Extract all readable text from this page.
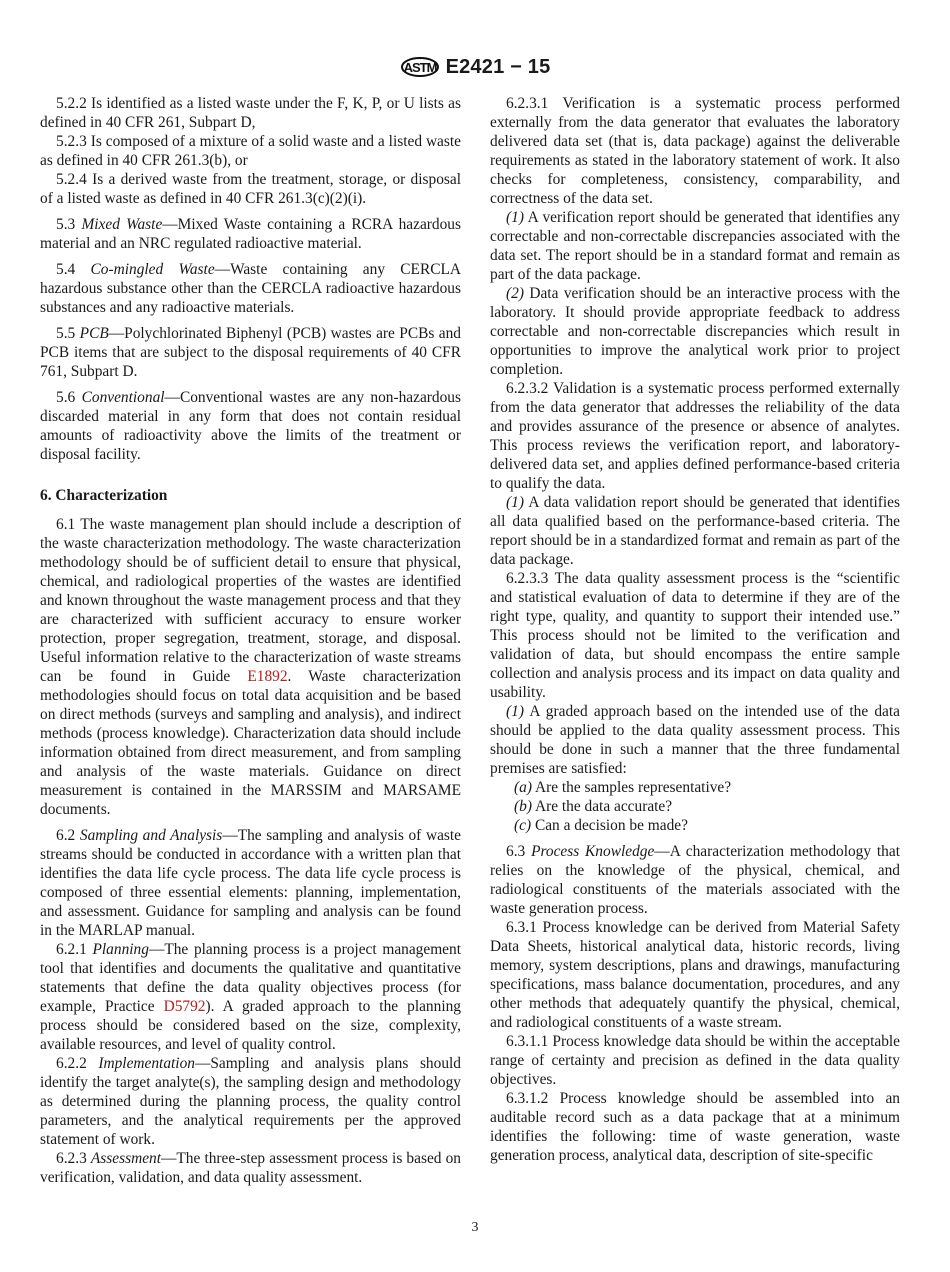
ASTM E2421 − 15

5.2.2 Is identified as a listed waste under the F, K, P, or U lists as defined in 40 CFR 261, Subpart D,

5.2.3 Is composed of a mixture of a solid waste and a listed waste as defined in 40 CFR 261.3(b), or

5.2.4 Is a derived waste from the treatment, storage, or disposal of a listed waste as defined in 40 CFR 261.3(c)(2)(i).

5.3 Mixed Waste—Mixed Waste containing a RCRA hazardous material and an NRC regulated radioactive material.

5.4 Co-mingled Waste—Waste containing any CERCLA hazardous substance other than the CERCLA radioactive hazardous substances and any radioactive materials.

5.5 PCB—Polychlorinated Biphenyl (PCB) wastes are PCBs and PCB items that are subject to the disposal requirements of 40 CFR 761, Subpart D.

5.6 Conventional—Conventional wastes are any non-hazardous discarded material in any form that does not contain residual amounts of radioactivity above the limits of the treatment or disposal facility.

6. Characterization

6.1 The waste management plan should include a description of the waste characterization methodology. The waste characterization methodology should be of sufficient detail to ensure that physical, chemical, and radiological properties of the wastes are identified and known throughout the waste management process and that they are characterized with sufficient accuracy to ensure worker protection, proper segregation, treatment, storage, and disposal. Useful information relative to the characterization of waste streams can be found in Guide E1892. Waste characterization methodologies should focus on total data acquisition and be based on direct methods (surveys and sampling and analysis), and indirect methods (process knowledge). Characterization data should include information obtained from direct measurement, and from sampling and analysis of the waste materials. Guidance on direct measurement is contained in the MARSSIM and MARSAME documents.

6.2 Sampling and Analysis—The sampling and analysis of waste streams should be conducted in accordance with a written plan that identifies the data life cycle process. The data life cycle process is composed of three essential elements: planning, implementation, and assessment. Guidance for sampling and analysis can be found in the MARLAP manual.

6.2.1 Planning—The planning process is a project management tool that identifies and documents the qualitative and quantitative statements that define the data quality objectives process (for example, Practice D5792). A graded approach to the planning process should be considered based on the size, complexity, available resources, and level of quality control.

6.2.2 Implementation—Sampling and analysis plans should identify the target analyte(s), the sampling design and methodology as determined during the planning process, the quality control parameters, and the analytical requirements per the approved statement of work.

6.2.3 Assessment—The three-step assessment process is based on verification, validation, and data quality assessment.

6.2.3.1 Verification is a systematic process performed externally from the data generator that evaluates the laboratory delivered data set (that is, data package) against the deliverable requirements as stated in the laboratory statement of work. It also checks for completeness, consistency, comparability, and correctness of the data set.

(1) A verification report should be generated that identifies any correctable and non-correctable discrepancies associated with the data set. The report should be in a standard format and remain as part of the data package.

(2) Data verification should be an interactive process with the laboratory. It should provide appropriate feedback to address correctable and non-correctable discrepancies which result in opportunities to improve the analytical work prior to project completion.

6.2.3.2 Validation is a systematic process performed externally from the data generator that addresses the reliability of the data and provides assurance of the presence or absence of analytes. This process reviews the verification report, and laboratory-delivered data set, and applies defined performance-based criteria to qualify the data.

(1) A data validation report should be generated that identifies all data qualified based on the performance-based criteria. The report should be in a standardized format and remain as part of the data package.

6.2.3.3 The data quality assessment process is the “scientific and statistical evaluation of data to determine if they are of the right type, quality, and quantity to support their intended use.” This process should not be limited to the verification and validation of data, but should encompass the entire sample collection and analysis process and its impact on data quality and usability.

(1) A graded approach based on the intended use of the data should be applied to the data quality assessment process. This should be done in such a manner that the three fundamental premises are satisfied:

(a) Are the samples representative?

(b) Are the data accurate?

(c) Can a decision be made?

6.3 Process Knowledge—A characterization methodology that relies on the knowledge of the physical, chemical, and radiological constituents of the materials associated with the waste generation process.

6.3.1 Process knowledge can be derived from Material Safety Data Sheets, historical analytical data, historic records, living memory, system descriptions, plans and drawings, manufacturing specifications, mass balance documentation, procedures, and any other methods that adequately quantify the physical, chemical, and radiological constituents of a waste stream.

6.3.1.1 Process knowledge data should be within the acceptable range of certainty and precision as defined in the data quality objectives.

6.3.1.2 Process knowledge should be assembled into an auditable record such as a data package that at a minimum identifies the following: time of waste generation, waste generation process, analytical data, description of site-specific

3
